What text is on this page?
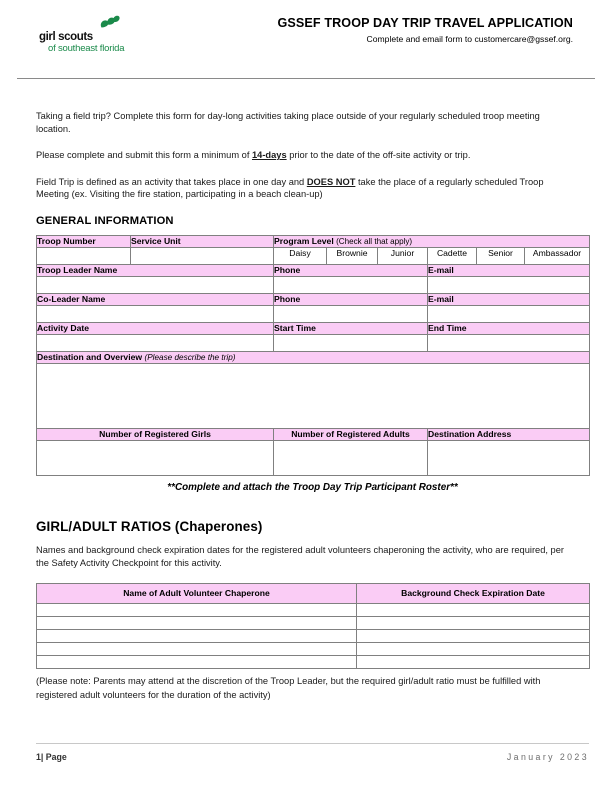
girl scouts
of southeast florida
GSSEF TROOP DAY TRIP TRAVEL APPLICATION
Complete and email form to customercare@gssef.org.

Taking a field trip? Complete this form for day-long activities taking place outside of your regularly scheduled troop meeting location.

Please complete and submit this form a minimum of 14-days prior to the date of the off-site activity or trip.

Field Trip is defined as an activity that takes place in one day and DOES NOT take the place of a regularly scheduled Troop Meeting (ex. Visiting the fire station, participating in a beach clean-up)

GENERAL INFORMATION
Troop Number	Service Unit	Program Level (Check all that apply)					
		Daisy	Brownie	Junior	Cadette	Senior	Ambassador
Troop Leader Name		Phone			E-mail		

Co-Leader Name		Phone			E-mail		

Activity Date		Start Time			End Time		

Destination and Overview (Please describe the trip)							

Number of Registered Girls		Number of Registered Adults			Destination Address		

**Complete and attach the Troop Day Trip Participant Roster**
GIRL/ADULT RATIOS (Chaperones)
Names and background check expiration dates for the registered adult volunteers chaperoning the activity, who are required, per the Safety Activity Checkpoint for this activity.
Name of Adult Volunteer Chaperone	Background Check Expiration Date

(Please note: Parents may attend at the discretion of the Troop Leader, but the required girl/adult ratio must be fulfilled with registered adult volunteers for the duration of the activity)
1| Page	January 2023
